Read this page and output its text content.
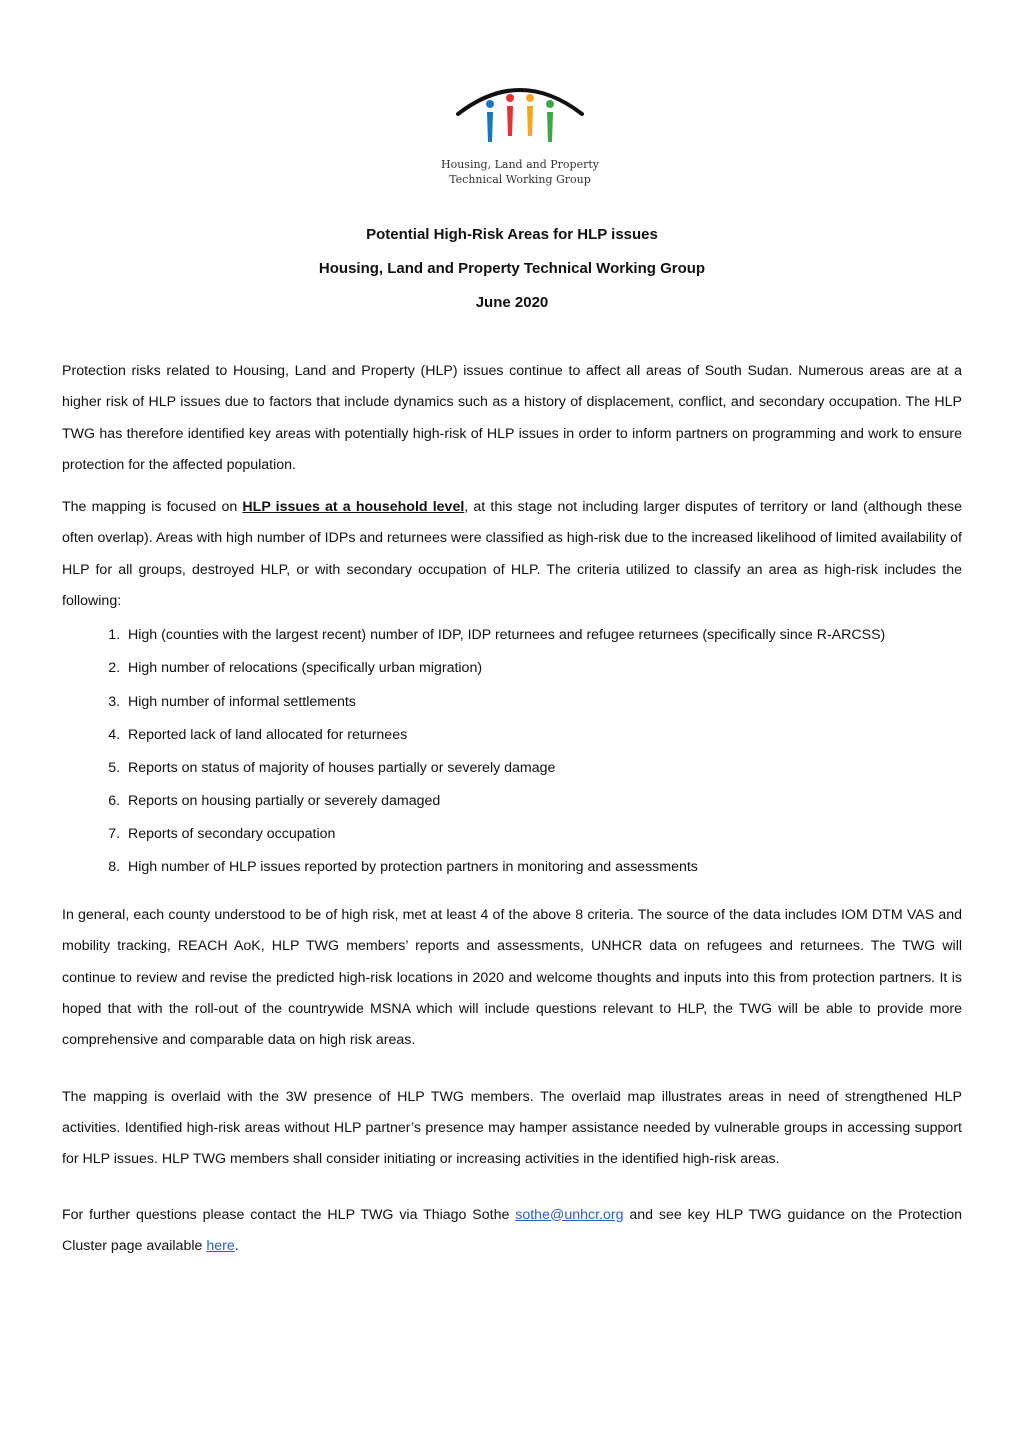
Housing, Land and Property
Technical Working Group
Potential High-Risk Areas for HLP issues
Housing, Land and Property Technical Working Group
June 2020

Protection risks related to Housing, Land and Property (HLP) issues continue to affect all areas of South Sudan. Numerous areas are at a higher risk of HLP issues due to factors that include dynamics such as a history of displacement, conflict, and secondary occupation. The HLP TWG has therefore identified key areas with potentially high-risk of HLP issues in order to inform partners on programming and work to ensure protection for the affected population.

The mapping is focused on HLP issues at a household level, at this stage not including larger disputes of territory or land (although these often overlap). Areas with high number of IDPs and returnees were classified as high-risk due to the increased likelihood of limited availability of HLP for all groups, destroyed HLP, or with secondary occupation of HLP. The criteria utilized to classify an area as high-risk includes the following:

1. High (counties with the largest recent) number of IDP, IDP returnees and refugee returnees (specifically since R-ARCSS)
2. High number of relocations (specifically urban migration)
3. High number of informal settlements
4. Reported lack of land allocated for returnees
5. Reports on status of majority of houses partially or severely damage
6. Reports on housing partially or severely damaged
7. Reports of secondary occupation
8. High number of HLP issues reported by protection partners in monitoring and assessments

In general, each county understood to be of high risk, met at least 4 of the above 8 criteria. The source of the data includes IOM DTM VAS and mobility tracking, REACH AoK, HLP TWG members’ reports and assessments, UNHCR data on refugees and returnees. The TWG will continue to review and revise the predicted high-risk locations in 2020 and welcome thoughts and inputs into this from protection partners. It is hoped that with the roll-out of the countrywide MSNA which will include questions relevant to HLP, the TWG will be able to provide more comprehensive and comparable data on high risk areas.

The mapping is overlaid with the 3W presence of HLP TWG members. The overlaid map illustrates areas in need of strengthened HLP activities. Identified high-risk areas without HLP partner’s presence may hamper assistance needed by vulnerable groups in accessing support for HLP issues. HLP TWG members shall consider initiating or increasing activities in the identified high-risk areas.

For further questions please contact the HLP TWG via Thiago Sothe sothe@unhcr.org and see key HLP TWG guidance on the Protection Cluster page available here.
